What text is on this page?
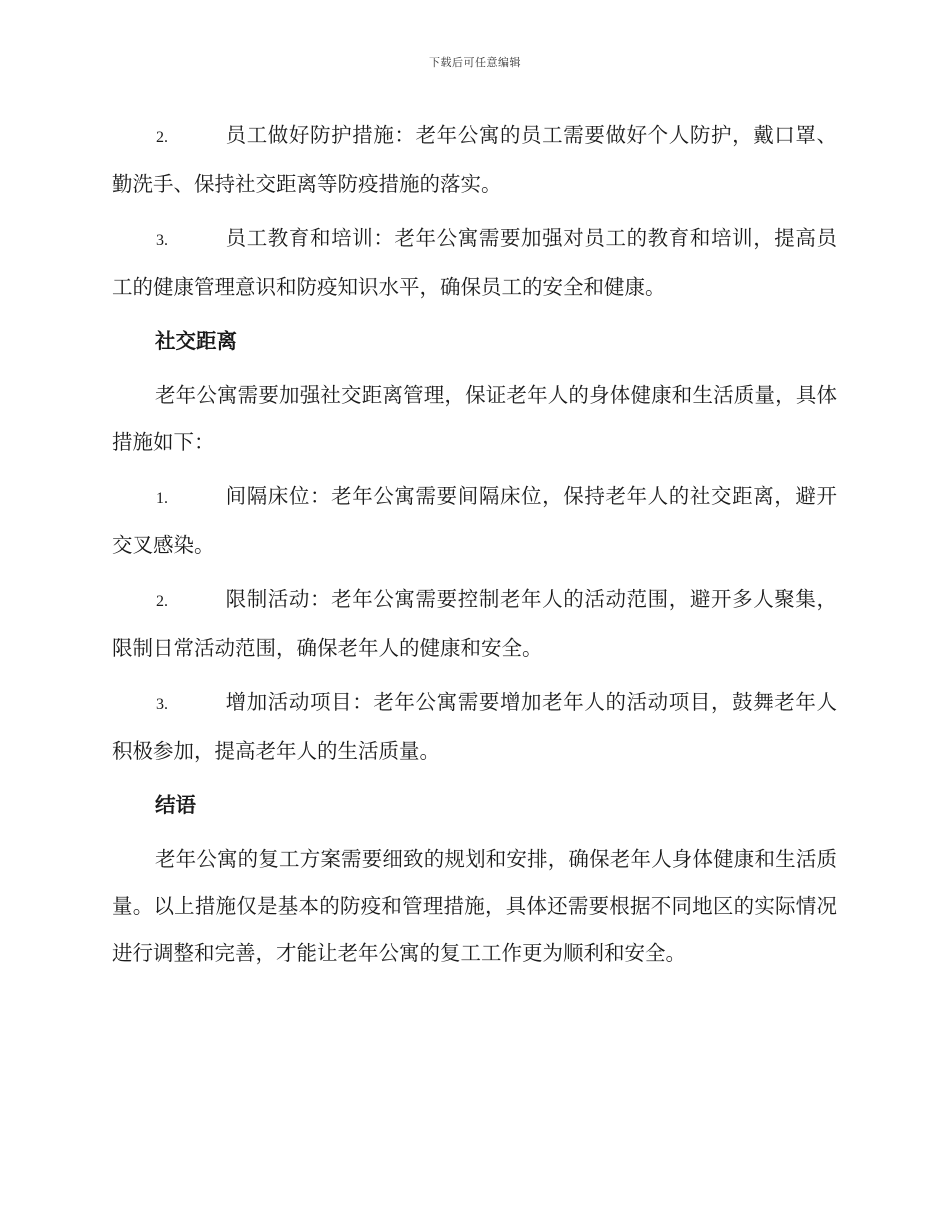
下载后可任意编辑

2.	员工做好防护措施：老年公寓的员工需要做好个人防护，戴口罩、勤洗手、保持社交距离等防疫措施的落实。

3.	员工教育和培训：老年公寓需要加强对员工的教育和培训，提高员工的健康管理意识和防疫知识水平，确保员工的安全和健康。

社交距离

老年公寓需要加强社交距离管理，保证老年人的身体健康和生活质量，具体措施如下：

1.	间隔床位：老年公寓需要间隔床位，保持老年人的社交距离，避开交叉感染。

2.	限制活动：老年公寓需要控制老年人的活动范围，避开多人聚集，限制日常活动范围，确保老年人的健康和安全。

3.	增加活动项目：老年公寓需要增加老年人的活动项目，鼓舞老年人积极参加，提高老年人的生活质量。

结语

老年公寓的复工方案需要细致的规划和安排，确保老年人身体健康和生活质量。以上措施仅是基本的防疫和管理措施，具体还需要根据不同地区的实际情况进行调整和完善，才能让老年公寓的复工工作更为顺利和安全。
